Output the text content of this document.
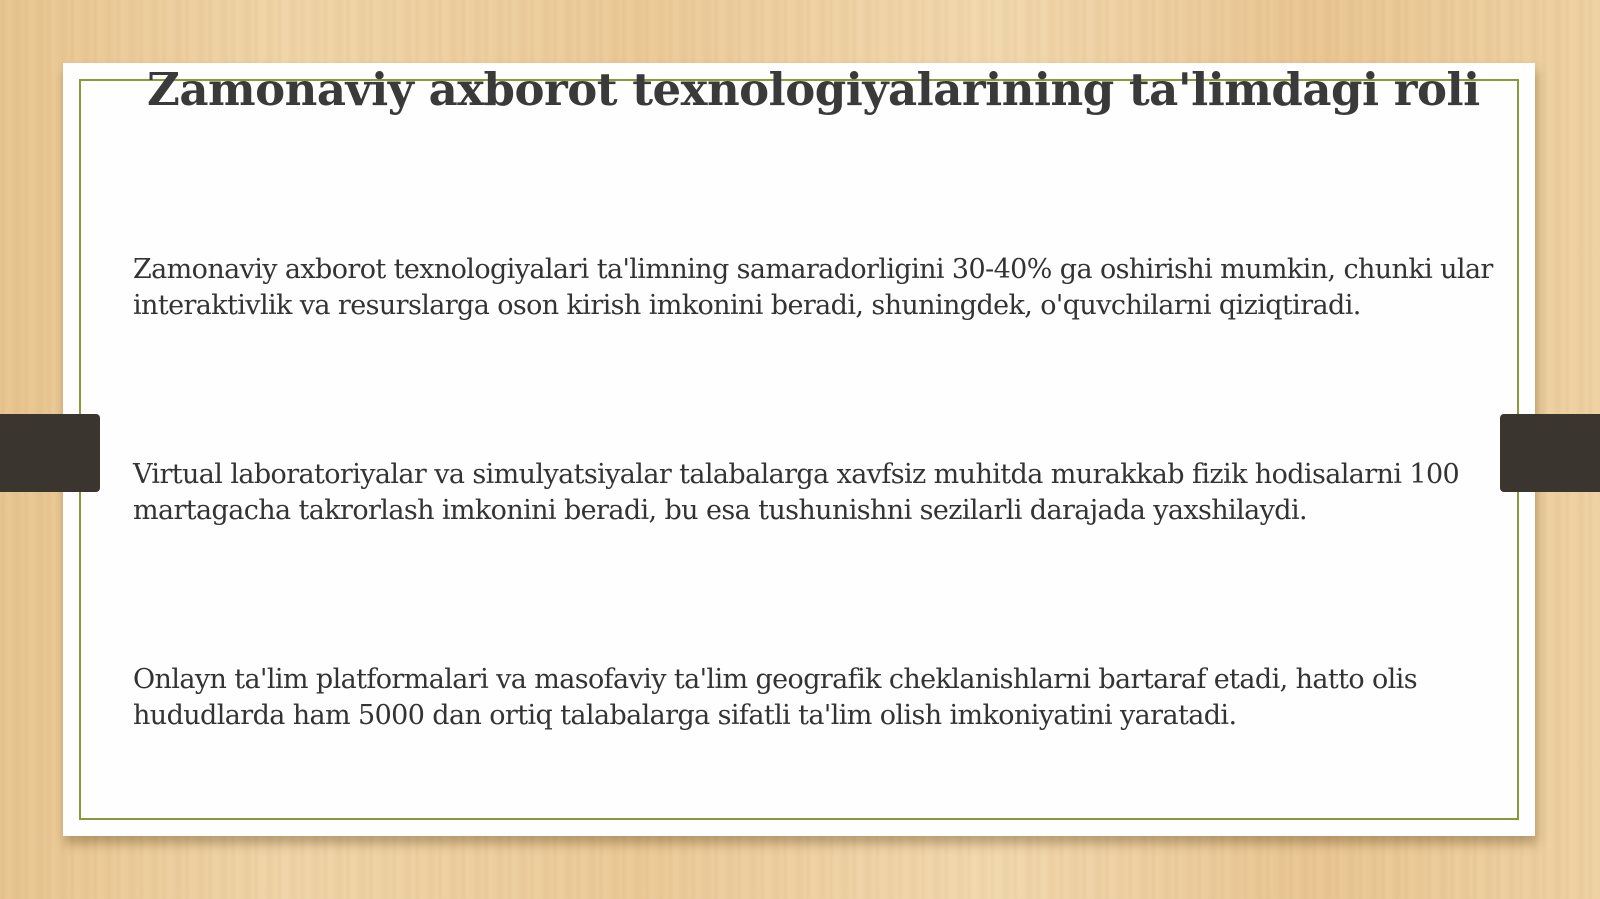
Zamonaviy axborot texnologiyalarining ta'limdagi roli

Zamonaviy axborot texnologiyalari ta'limning samaradorligini 30-40% ga oshirishi mumkin, chunki ular interaktivlik va resurslarga oson kirish imkonini beradi, shuningdek, o'quvchilarni qiziqtiradi.

Virtual laboratoriyalar va simulyatsiyalar talabalarga xavfsiz muhitda murakkab fizik hodisalarni 100 martagacha takrorlash imkonini beradi, bu esa tushunishni sezilarli darajada yaxshilaydi.

Onlayn ta'lim platformalari va masofaviy ta'lim geografik cheklanishlarni bartaraf etadi, hatto olis hududlarda ham 5000 dan ortiq talabalarga sifatli ta'lim olish imkoniyatini yaratadi.
